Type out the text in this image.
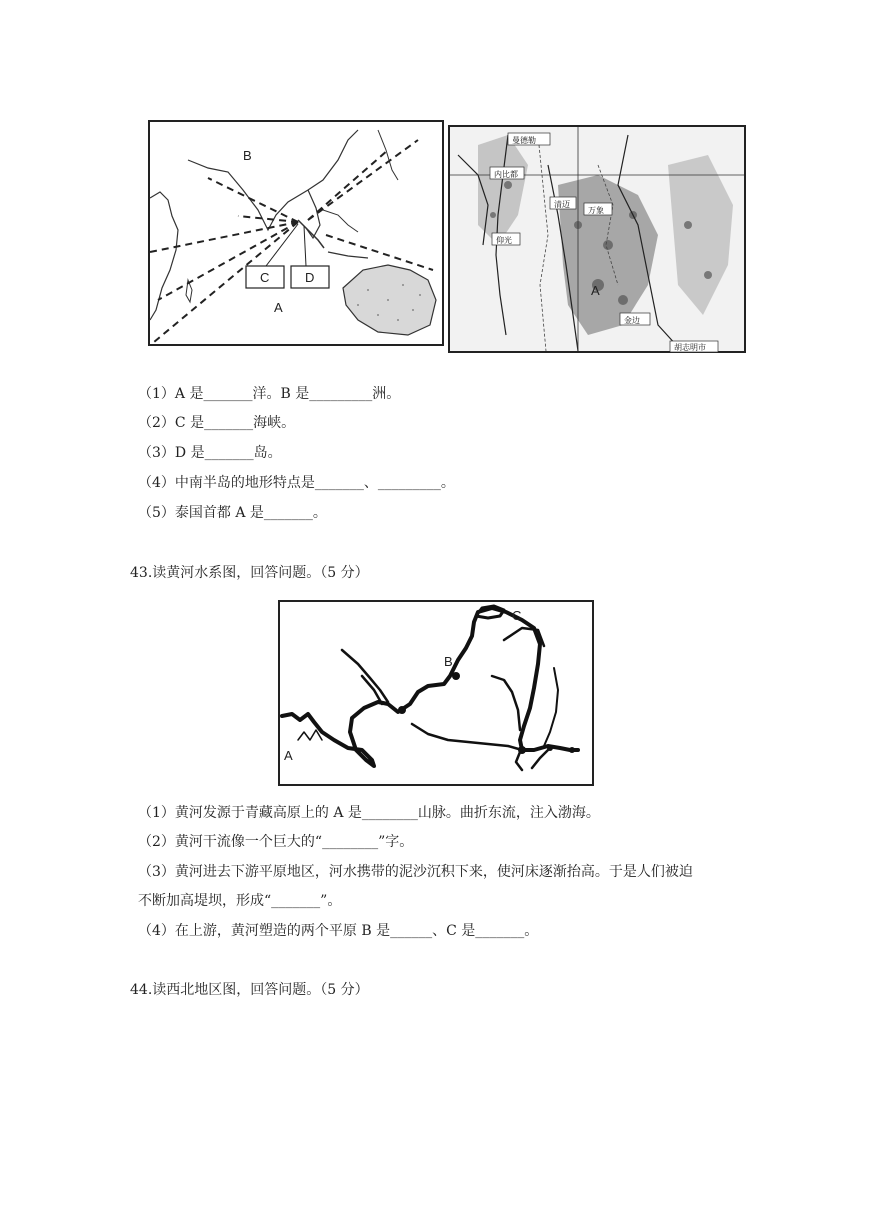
C	D
B
A
曼德勒
内比都
清迈
万象
仰光
金边
胡志明市
A
（1）A 是_______洋。B 是_________洲。
（2）C 是_______海峡。
（3）D 是_______岛。
（4）中南半岛的地形特点是_______、_________。
（5）泰国首都 A 是_______。
43.读黄河水系图，回答问题。（5 分）
B
C
A
（1）黄河发源于青藏高原上的 A 是________山脉。曲折东流，注入渤海。
（2）黄河干流像一个巨大的“________”字。
（3）黄河进去下游平原地区，河水携带的泥沙沉积下来，使河床逐渐抬高。于是人们被迫
不断加高堤坝，形成“_______”。
（4）在上游，黄河塑造的两个平原 B 是______、C 是_______。
44.读西北地区图，回答问题。（5 分）
